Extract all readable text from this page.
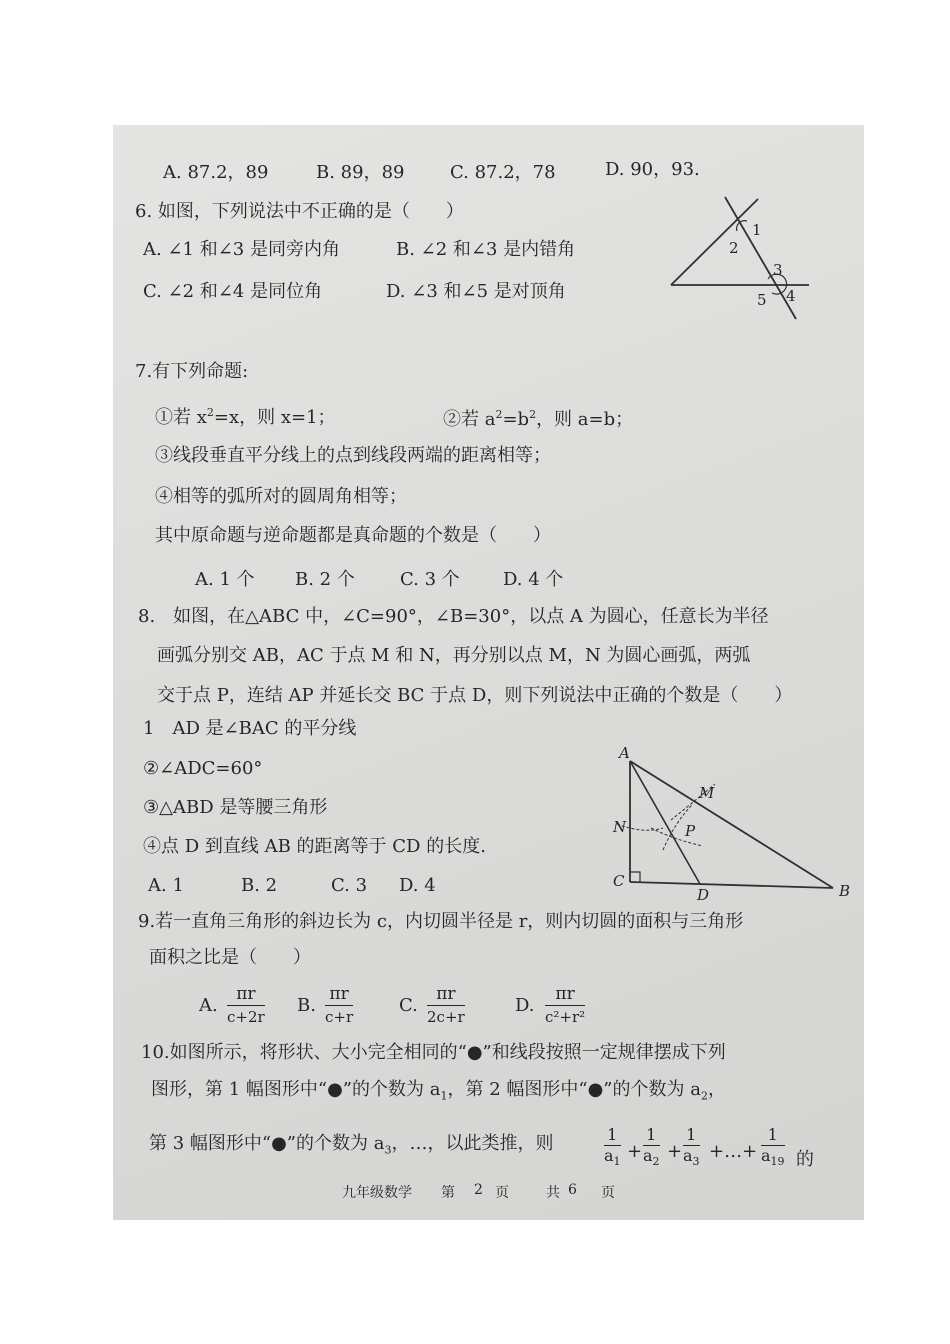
A. 87.2，89	B. 89，89	C. 87.2，78	D. 90，93.
6. 如图，下列说法中不正确的是（　　）
A. ∠1 和∠3 是同旁内角	B. ∠2 和∠3 是内错角
C. ∠2 和∠4 是同位角	D. ∠3 和∠5 是对顶角
1
2
3
4
5
7.有下列命题:
①若 $x^2=x$，则 x=1；	②若 $a^2=b^2$，则 a=b；
③线段垂直平分线上的点到线段两端的距离相等；
④相等的弧所对的圆周角相等；
其中原命题与逆命题都是真命题的个数是（　　）
A. 1 个 B. 2 个	C. 3 个 D. 4 个
8.　如图，在△ABC 中，∠C=90°，∠B=30°，以点 A 为圆心，任意长为半径
画弧分别交 AB，AC 于点 M 和 N，再分别以点 M，N 为圆心画弧，两弧
交于点 P，连结 AP 并延长交 BC 于点 D，则下列说法中正确的个数是（　　）
1　AD 是∠BAC 的平分线
②∠ADC=60°
③△ABD 是等腰三角形
④点 D 到直线 AB 的距离等于 CD 的长度.
A. 1	B. 2	C. 3 D. 4
A
B
C
D
M
N	P
9.若一直角三角形的斜边长为 c，内切圆半径是 r，则内切圆的面积与三角形
面积之比是（　　）
A. $\frac{\pi r}{c+2r} B$. $\frac{\pi r}{c+r}$	C. $\frac{\pi r}{2c+r}$	D. $\frac{\pi r}{\text{c²+r²}}$
10.如图所示，将形状、大小完全相同的“●”和线段按照一定规律摆成下列
图形，第 1 幅图形中“●”的个数为 $a_1$，第 2 幅图形中“●”的个数为 $a_2$，
第 3 幅图形中“●”的个数为 $a_3$，…，以此类推，则	$\frac{1}{a_1} + \frac{1}{a_2} + \frac{1}{a_3}$ +…+ $\frac{1}{a_{19}}$ 的
九年级数学 第 2 页	共 6 页
